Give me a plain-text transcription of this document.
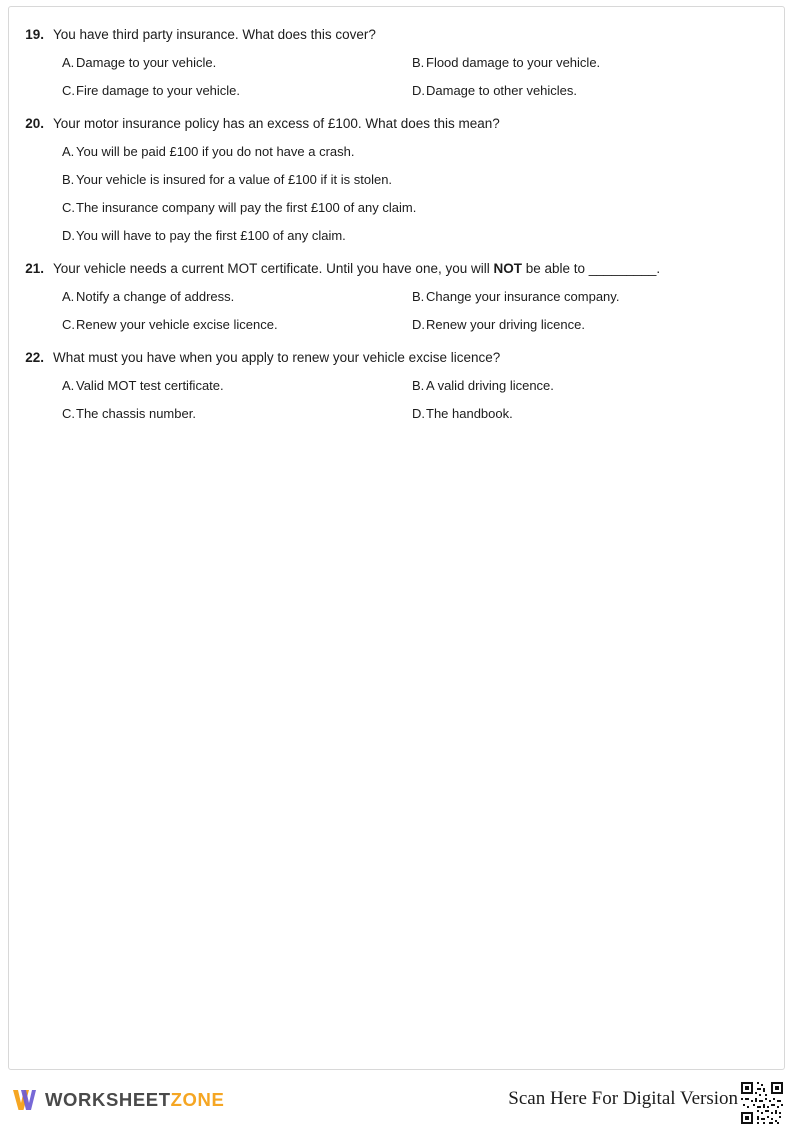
19. You have third party insurance. What does this cover?
A.Damage to your vehicle.	B.Flood damage to your vehicle.
C.Fire damage to your vehicle.	D.Damage to other vehicles.
20. Your motor insurance policy has an excess of £100. What does this mean?
A.You will be paid £100 if you do not have a crash.
B.Your vehicle is insured for a value of £100 if it is stolen.
C.The insurance company will pay the first £100 of any claim.
D.You will have to pay the first £100 of any claim.
21. Your vehicle needs a current MOT certificate. Until you have one, you will NOT be able to _________.
A.Notify a change of address.	B.Change your insurance company.
C.Renew your vehicle excise licence.	D.Renew your driving licence.
22. What must you have when you apply to renew your vehicle excise licence?
A.Valid MOT test certificate.	B.A valid driving licence.
C.The chassis number.	D.The handbook.
WORKSHEETZONE	Scan Here For Digital Version
